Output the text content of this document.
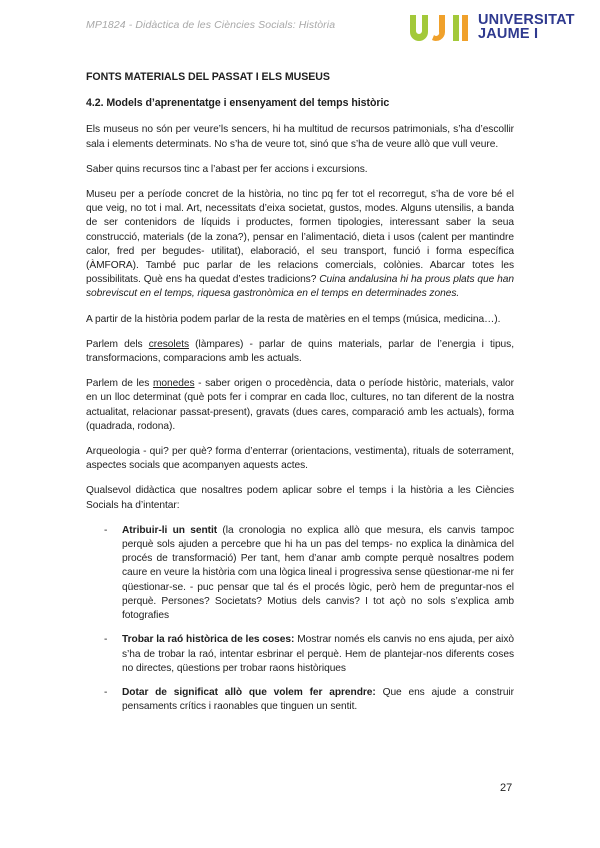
MP1824 - Didàctica de les Ciències Socials: Història	UNIVERSITAT
JAUME I
FONTS MATERIALS DEL PASSAT I ELS MUSEUS
4.2. Models d’aprenentatge i ensenyament del temps històric

Els museus no són per veure’ls sencers, hi ha multitud de recursos patrimonials, s’ha d’escollir sala i elements determinats. No s’ha de veure tot, sinó que s’ha de veure allò que vull veure.

Saber quins recursos tinc a l’abast per fer accions i excursions.

Museu per a període concret de la història, no tinc pq fer tot el recorregut, s’ha de vore bé el que veig, no tot i mal. Art, necessitats d’eixa societat, gustos, modes. Alguns utensilis, a banda de ser contenidors de líquids i productes, formen tipologies, interessant saber la seua construcció, materials (de la zona?), pensar en l’alimentació, dieta i usos (calent per mantindre calor, fred per begudes- utilitat), elaboració, el seu transport, funció i forma específica (ÀMFORA). També puc parlar de les relacions comercials, colònies. Abarcar totes les possibilitats. Què ens ha quedat d’estes tradicions? Cuina andalusina hi ha prous plats que han sobreviscut en el temps, riquesa gastronòmica en el temps en determinades zones.

A partir de la història podem parlar de la resta de matèries en el temps (música, medicina…).

Parlem dels cresolets (làmpares) - parlar de quins materials, parlar de l’energia i tipus, transformacions, comparacions amb les actuals.

Parlem de les monedes - saber origen o procedència, data o període històric, materials, valor en un lloc determinat (què pots fer i comprar en cada lloc, cultures, no tan diferent de la nostra actualitat, relacionar passat-present), gravats (dues cares, comparació amb les actuals), forma (quadrada, rodona).

Arqueologia - qui? per què? forma d’enterrar (orientacions, vestimenta), rituals de soterrament, aspectes socials que acompanyen aquests actes.

Qualsevol didàctica que nosaltres podem aplicar sobre el temps i la història a les Ciències Socials ha d’intentar:

- Atribuir-li un sentit (la cronologia no explica allò que mesura, els canvis tampoc perquè sols ajuden a percebre que hi ha un pas del temps- no explica la dinàmica del procés de transformació) Per tant, hem d’anar amb compte perquè nosaltres podem caure en veure la història com una lògica lineal i progressiva sense qüestionar-me ni fer qüestionar-se. - puc pensar que tal és el procés lògic, però hem de preguntar-nos el perquè. Persones? Societats? Motius dels canvis? I tot açò no sols s’explica amb fotografies
- Trobar la raó històrica de les coses: Mostrar només els canvis no ens ajuda, per això s’ha de trobar la raó, intentar esbrinar el perquè. Hem de plantejar-nos diferents coses no directes, qüestions per trobar raons històriques
- Dotar de significat allò que volem fer aprendre: Que ens ajude a construir pensaments crítics i raonables que tinguen un sentit.
27
